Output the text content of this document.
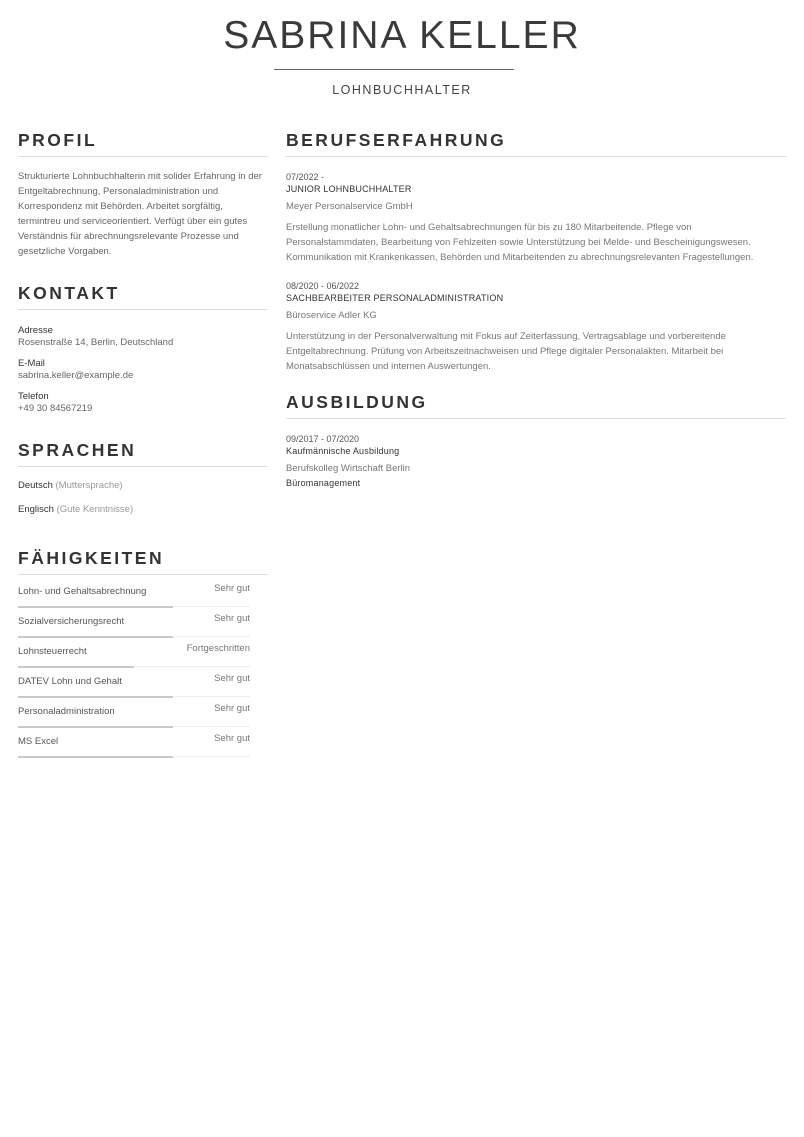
SABRINA KELLER
LOHNBUCHHALTER
PROFIL
Strukturierte Lohnbuchhalterin mit solider Erfahrung in der Entgeltabrechnung, Personaladministration und Korrespondenz mit Behörden. Arbeitet sorgfältig, termintreu und serviceorientiert. Verfügt über ein gutes Verständnis für abrechnungsrelevante Prozesse und gesetzliche Vorgaben.
KONTAKT
Adresse
Rosenstraße 14, Berlin, Deutschland
E-Mail
sabrina.keller@example.de
Telefon
+49 30 84567219
SPRACHEN
Deutsch (Muttersprache)
Englisch (Gute Kenntnisse)
FÄHIGKEITEN
Lohn- und Gehaltsabrechnung	Sehr gut
Sozialversicherungsrecht	Sehr gut
Lohnsteuerrecht	Fortgeschritten
DATEV Lohn und Gehalt	Sehr gut
Personaladministration	Sehr gut
MS Excel	Sehr gut
BERUFSERFAHRUNG
07/2022 -
JUNIOR LOHNBUCHHALTER
Meyer Personalservice GmbH
Erstellung monatlicher Lohn- und Gehaltsabrechnungen für bis zu 180 Mitarbeitende. Pflege von Personalstammdaten, Bearbeitung von Fehlzeiten sowie Unterstützung bei Melde- und Bescheinigungswesen. Kommunikation mit Krankenkassen, Behörden und Mitarbeitenden zu abrechnungsrelevanten Fragestellungen.
08/2020 - 06/2022
SACHBEARBEITER PERSONALADMINISTRATION
Büroservice Adler KG
Unterstützung in der Personalverwaltung mit Fokus auf Zeiterfassung, Vertragsablage und vorbereitende Entgeltabrechnung. Prüfung von Arbeitszeitnachweisen und Pflege digitaler Personalakten. Mitarbeit bei Monatsabschlüssen und internen Auswertungen.
AUSBILDUNG
09/2017 - 07/2020
Kaufmännische Ausbildung
Berufskolleg Wirtschaft Berlin
Büromanagement
